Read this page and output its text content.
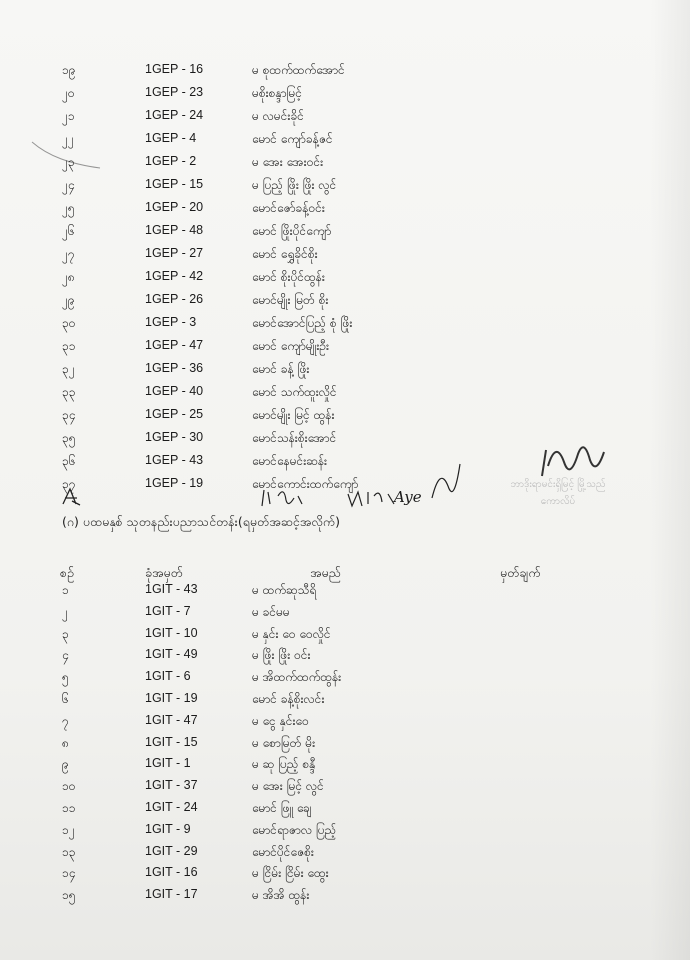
၁၉	1GEP - 16	မ စုထက်ထက်အောင်
၂၀	1GEP - 23	မစိုးစန္ဒာမြင့်
၂၁	1GEP - 24	မ လမင်းခိုင်
၂၂	1GEP - 4	မောင် ကျော်ခန့်ဇင်
၂၃	1GEP - 2	မ အေး အေးဝင်း
၂၄	1GEP - 15	မ ပြည့် ဖြိုး ဖြိုး လွင်
၂၅	1GEP - 20	မောင်ဇော်ခန့်ဝင်း
၂၆	1GEP - 48	မောင် ဖြိုးပိုင်ကျော်
၂၇	1GEP - 27	မောင် ရွှေခိုင်စိုး
၂၈	1GEP - 42	မောင် စိုးပိုင်ထွန်း
၂၉	1GEP - 26	မောင်မျိုး မြတ် စိုး
၃၀	1GEP - 3	မောင်အောင်ပြည့် စုံ ဖြိုး
၃၁	1GEP - 47	မောင် ကျော်မျိုးဦး
၃၂	1GEP - 36	မောင် ခန့် ဖြိုး
၃၃	1GEP - 40	မောင် သက်ထူးလှိုင်
၃၄	1GEP - 25	မောင်မျိုး မြင့် ထွန်း
၃၅	1GEP - 30	မောင်သန်းစိုးအောင်
၃၆	1GEP - 43	မောင်နေမင်းဆန်း
၃၇	1GEP - 19	မောင်ကောင်းထက်ကျော်
Aye
ဘာဒိုးရာမင်းရှိမြင့် မြို့သည်
ကောလိပ်
(ဂ) ပထမနှစ် သုတနည်းပညာသင်တန်း(ရမှတ်အဆင့်အလိုက်)
စဥ်	ခုံအမှတ်	အမည်	မှတ်ချက်
၁	1GIT - 43	မ ထက်ဆုသီရိ
၂	1GIT - 7	မ ခင်မမ
၃	1GIT - 10	မ နှင်း ဝေ ဝေလှိုင်
၄	1GIT - 49	မ ဖြိုး ဖြိုး ဝင်း
၅	1GIT - 6	မ အိထက်ထက်ထွန်း
၆	1GIT - 19	မောင် ခန့်စိုးလင်း
၇	1GIT - 47	မ ငွေ နှင်းဝေ
၈	1GIT - 15	မ စောမြတ် မိုး
၉	1GIT - 1	မ ဆု ပြည့် စန္ဒီ
၁၀	1GIT - 37	မ အေး မြင့် လွင်
၁၁	1GIT - 24	မောင် ဖြူ ချေ
၁၂	1GIT - 9	မောင်ရာဇာလ ပြည့်
၁၃	1GIT - 29	မောင်ပိုင်ဇေစိုး
၁၄	1GIT - 16	မ ငြိမ်း ငြိမ်း ထွေး
၁၅	1GIT - 17	မ အိအိ ထွန်း
